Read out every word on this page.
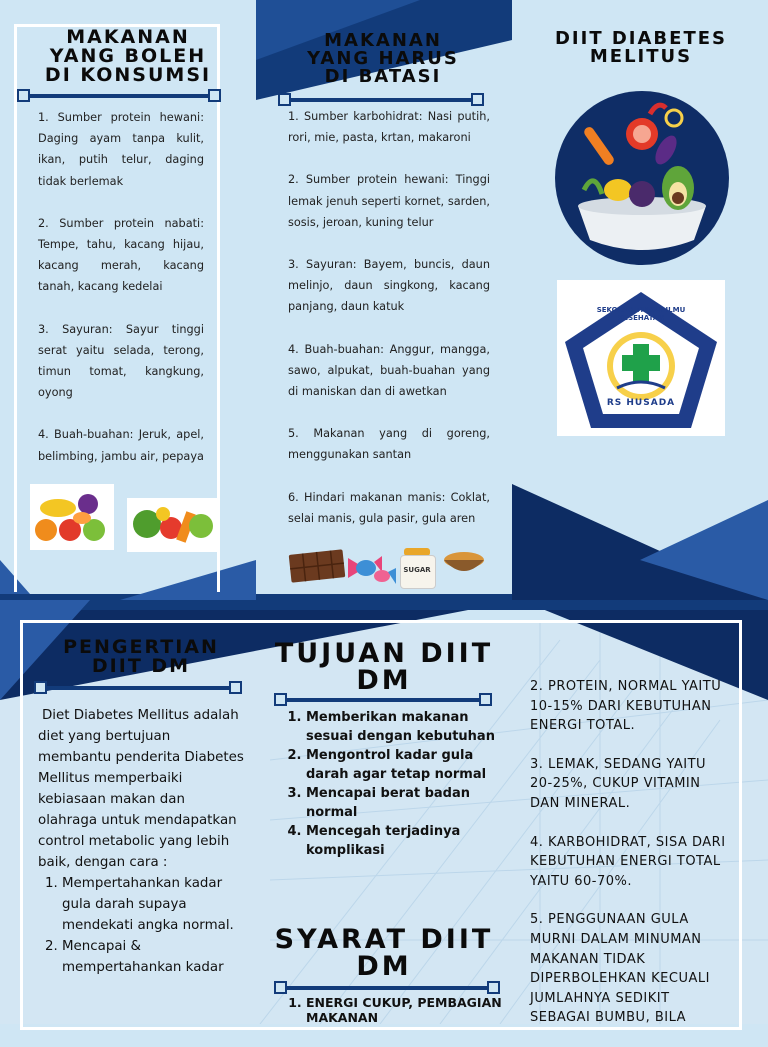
MAKANAN
YANG BOLEH
DI KONSUMSI

1. Sumber protein hewani: Daging ayam tanpa kulit, ikan, putih telur, daging tidak berlemak

2. Sumber protein nabati: Tempe, tahu, kacang hijau, kacang merah, kacang tanah, kacang kedelai

3. Sayuran: Sayur tinggi serat yaitu selada, terong, timun tomat, kangkung, oyong

4. Buah-buahan: Jeruk, apel, belimbing, jambu air, pepaya

MAKANAN
YANG HARUS
DI BATASI

1. Sumber karbohidrat: Nasi putih, rori, mie, pasta, krtan, makaroni

2. Sumber protein hewani: Tinggi lemak jenuh seperti kornet, sarden, sosis, jeroan, kuning telur

3. Sayuran: Bayem, buncis, daun melinjo, daun singkong, kacang panjang, daun katuk

4. Buah-buahan: Anggur, mangga, sawo, alpukat, buah-buahan yang di maniskan dan di awetkan

5. Makanan yang di goreng, menggunakan santan

6. Hindari makanan manis: Coklat, selai manis, gula pasir, gula aren

SUGAR
DIIT DIABETES
MELITUS
SEKOLAH TINGGI ILMU KESEHATAN
RS HUSADA
PENGERTIAN
DIIT DM
Diet Diabetes Mellitus adalah diet yang bertujuan membantu penderita Diabetes Mellitus memperbaiki kebiasaan makan dan olahraga untuk mendapatkan control metabolic yang lebih baik, dengan cara :
1. Mempertahankan kadar gula darah supaya mendekati angka normal.
2. Mencapai & mempertahankan kadar
TUJUAN DIIT
DM
1. Memberikan makanan sesuai dengan kebutuhan
2. Mengontrol kadar gula darah agar tetap normal
3. Mencapai berat badan normal
4. Mencegah terjadinya komplikasi
SYARAT DIIT
DM
1. ENERGI CUKUP, PEMBAGIAN MAKANAN

2. PROTEIN, NORMAL YAITU 10-15% DARI KEBUTUHAN ENERGI TOTAL.

3. LEMAK, SEDANG YAITU 20-25%, CUKUP VITAMIN DAN MINERAL.

4. KARBOHIDRAT, SISA DARI KEBUTUHAN ENERGI TOTAL YAITU 60-70%.

5. PENGGUNAAN GULA MURNI DALAM MINUMAN MAKANAN TIDAK DIPERBOLEHKAN KECUALI JUMLAHNYA SEDIKIT SEBAGAI BUMBU, BILA
